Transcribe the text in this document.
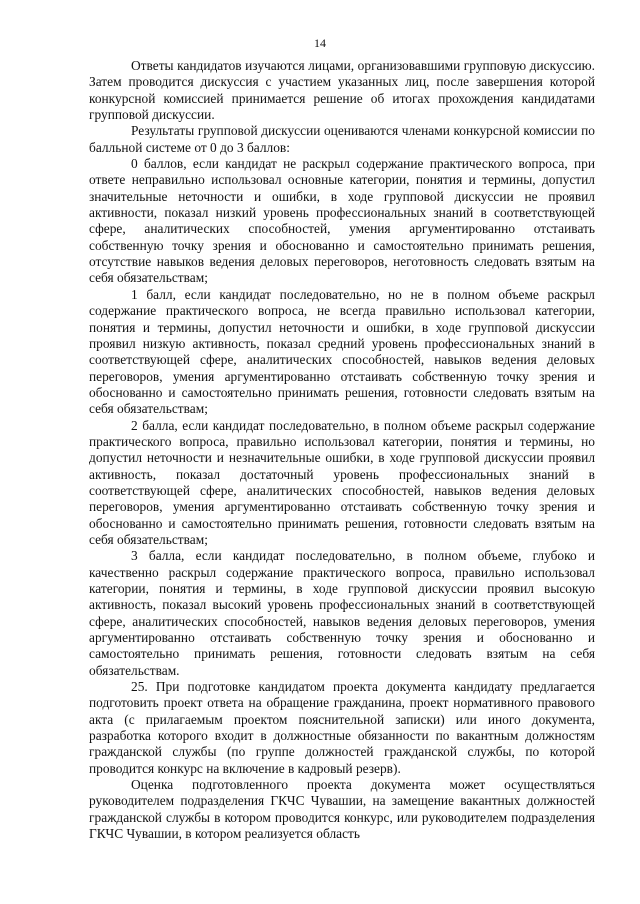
14

Ответы кандидатов изучаются лицами, организовавшими групповую дискуссию. Затем проводится дискуссия с участием указанных лиц, после завершения которой конкурсной комиссией принимается решение об итогах прохождения кандидатами групповой дискуссии.

Результаты групповой дискуссии оцениваются членами конкурсной комиссии по балльной системе от 0 до 3 баллов:

0 баллов, если кандидат не раскрыл содержание практического вопроса, при ответе неправильно использовал основные категории, понятия и термины, допустил значительные неточности и ошибки, в ходе групповой дискуссии не проявил активности, показал низкий уровень профессиональных знаний в соответствующей сфере, аналитических способностей, умения аргументированно отстаивать собственную точку зрения и обоснованно и самостоятельно принимать решения, отсутствие навыков ведения деловых переговоров, неготовность следовать взятым на себя обязательствам;

1 балл, если кандидат последовательно, но не в полном объеме раскрыл содержание практического вопроса, не всегда правильно использовал категории, понятия и термины, допустил неточности и ошибки, в ходе групповой дискуссии проявил низкую активность, показал средний уровень профессиональных знаний в соответствующей сфере, аналитических способностей, навыков ведения деловых переговоров, умения аргументированно отстаивать собственную точку зрения и обоснованно и самостоятельно принимать решения, готовности следовать взятым на себя обязательствам;

2 балла, если кандидат последовательно, в полном объеме раскрыл содержание практического вопроса, правильно использовал категории, понятия и термины, но допустил неточности и незначительные ошибки, в ходе групповой дискуссии проявил активность, показал достаточный уровень профессиональных знаний в соответствующей сфере, аналитических способностей, навыков ведения деловых переговоров, умения аргументированно отстаивать собственную точку зрения и обоснованно и самостоятельно принимать решения, готовности следовать взятым на себя обязательствам;

3 балла, если кандидат последовательно, в полном объеме, глубоко и качественно раскрыл содержание практического вопроса, правильно использовал категории, понятия и термины, в ходе групповой дискуссии проявил высокую активность, показал высокий уровень профессиональных знаний в соответствующей сфере, аналитических способностей, навыков ведения деловых переговоров, умения аргументированно отстаивать собственную точку зрения и обоснованно и самостоятельно принимать решения, готовности следовать взятым на себя обязательствам.

25. При подготовке кандидатом проекта документа кандидату предлагается подготовить проект ответа на обращение гражданина, проект нормативного правового акта (с прилагаемым проектом пояснительной записки) или иного документа, разработка которого входит в должностные обязанности по вакантным должностям гражданской службы (по группе должностей гражданской службы, по которой проводится конкурс на включение в кадровый резерв).

Оценка подготовленного проекта документа может осуществляться руководителем подразделения ГКЧС Чувашии, на замещение вакантных должностей гражданской службы в котором проводится конкурс, или руководителем подразделения ГКЧС Чувашии, в котором реализуется область
